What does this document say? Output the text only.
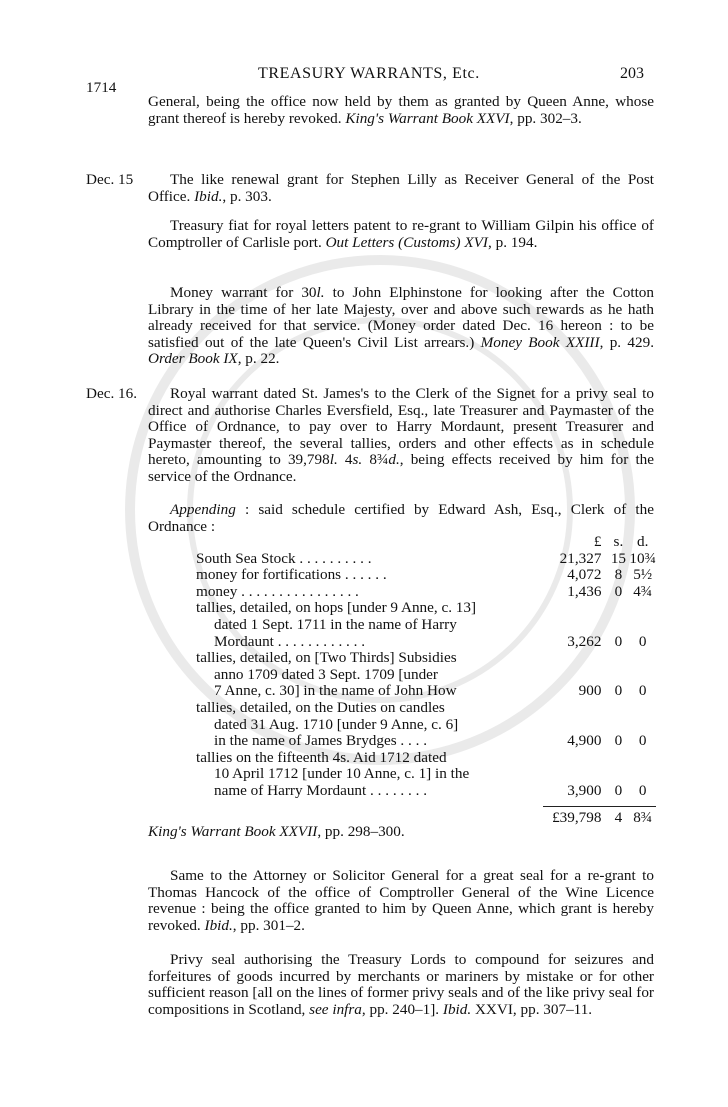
TREASURY WARRANTS, Etc.	203
1714

General, being the office now held by them as granted by Queen Anne, whose grant thereof is hereby revoked. King's Warrant Book XXVI, pp. 302–3.

Dec. 15	The like renewal grant for Stephen Lilly as Receiver General of the Post Office. Ibid., p. 303.

Treasury fiat for royal letters patent to re-grant to William Gilpin his office of Comptroller of Carlisle port. Out Letters (Customs) XVI, p. 194.

Money warrant for 30l. to John Elphinstone for looking after the Cotton Library in the time of her late Majesty, over and above such rewards as he hath already received for that service. (Money order dated Dec. 16 hereon : to be satisfied out of the late Queen's Civil List arrears.) Money Book XXIII, p. 429. Order Book IX, p. 22.

Dec. 16.	Royal warrant dated St. James's to the Clerk of the Signet for a privy seal to direct and authorise Charles Eversfield, Esq., late Treasurer and Paymaster of the Office of Ordnance, to pay over to Harry Mordaunt, present Treasurer and Paymaster thereof, the several tallies, orders and other effects as in schedule hereto, amounting to 39,798l. 4s. 8¾d., being effects received by him for the service of the Ordnance.

Appending : said schedule certified by Edward Ash, Esq., Clerk of the Ordnance :

	£	s.	d.
South Sea Stock . . . . . . . . . .	21,327	15	10¾
money for fortifications . . . . . .	4,072	8	5½
money . . . . . . . . . . . . . . . .	1,436	0	4¾
tallies, detailed, on hops [under 9 Anne, c. 13]			
dated 1 Sept. 1711 in the name of Harry			
Mordaunt . . . . . . . . . . . .	3,262	0	0
tallies, detailed, on [Two Thirds] Subsidies			
anno 1709 dated 3 Sept. 1709 [under			
7 Anne, c. 30] in the name of John How	900	0	0
tallies, detailed, on the Duties on candles			
dated 31 Aug. 1710 [under 9 Anne, c. 6]			
in the name of James Brydges . . . .	4,900	0	0
tallies on the fifteenth 4s. Aid 1712 dated			
10 April 1712 [under 10 Anne, c. 1] in the			
name of Harry Mordaunt . . . . . . . .	3,900	0	0

	£39,798	4	8¾

King's Warrant Book XXVII, pp. 298–300.

Same to the Attorney or Solicitor General for a great seal for a re-grant to Thomas Hancock of the office of Comptroller General of the Wine Licence revenue : being the office granted to him by Queen Anne, which grant is hereby revoked. Ibid., pp. 301–2.

Privy seal authorising the Treasury Lords to compound for seizures and forfeitures of goods incurred by merchants or mariners by mistake or for other sufficient reason [all on the lines of former privy seals and of the like privy seal for compositions in Scotland, see infra, pp. 240–1]. Ibid. XXVI, pp. 307–11.
